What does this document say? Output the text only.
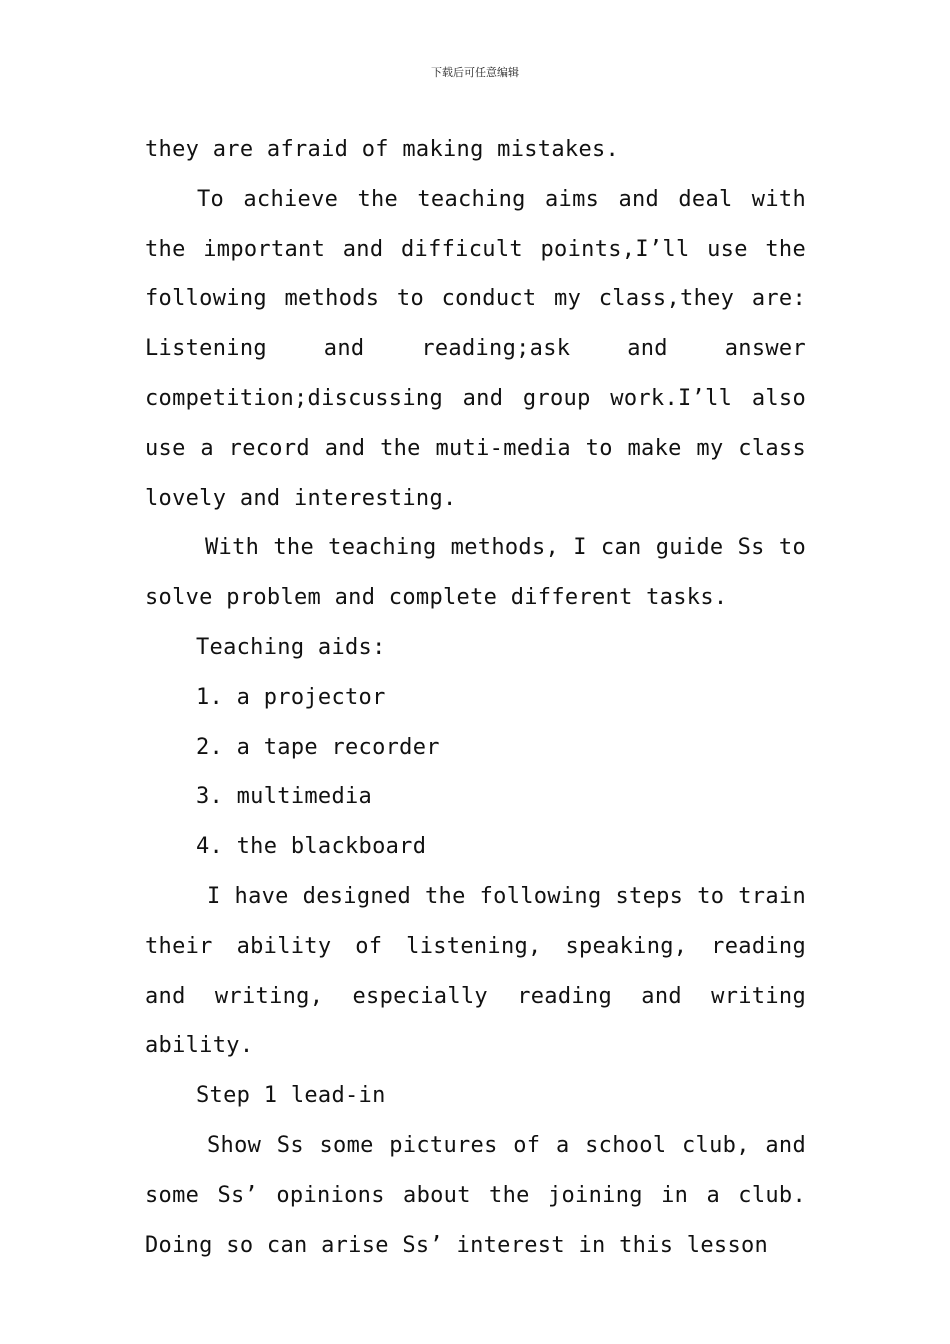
下载后可任意编辑

they are afraid of making mistakes.

To achieve the teaching aims and deal with the important and difficult points,I’ll use the following methods to conduct my class,they are: Listening and reading;ask and answer competition;discussing and group work.I’ll also use a record and the muti-media to make my class lovely and interesting.

With the teaching methods, I can guide Ss to solve problem and complete different tasks.

Teaching aids:

1. a projector

2. a tape recorder

3. multimedia

4. the blackboard

I have designed the following steps to train their ability of listening, speaking, reading and writing, especially reading and writing ability.

Step 1 lead-in

Show Ss some pictures of a school club, and some Ss’ opinions about the joining in a club. Doing so can arise Ss’ interest in this lesson
